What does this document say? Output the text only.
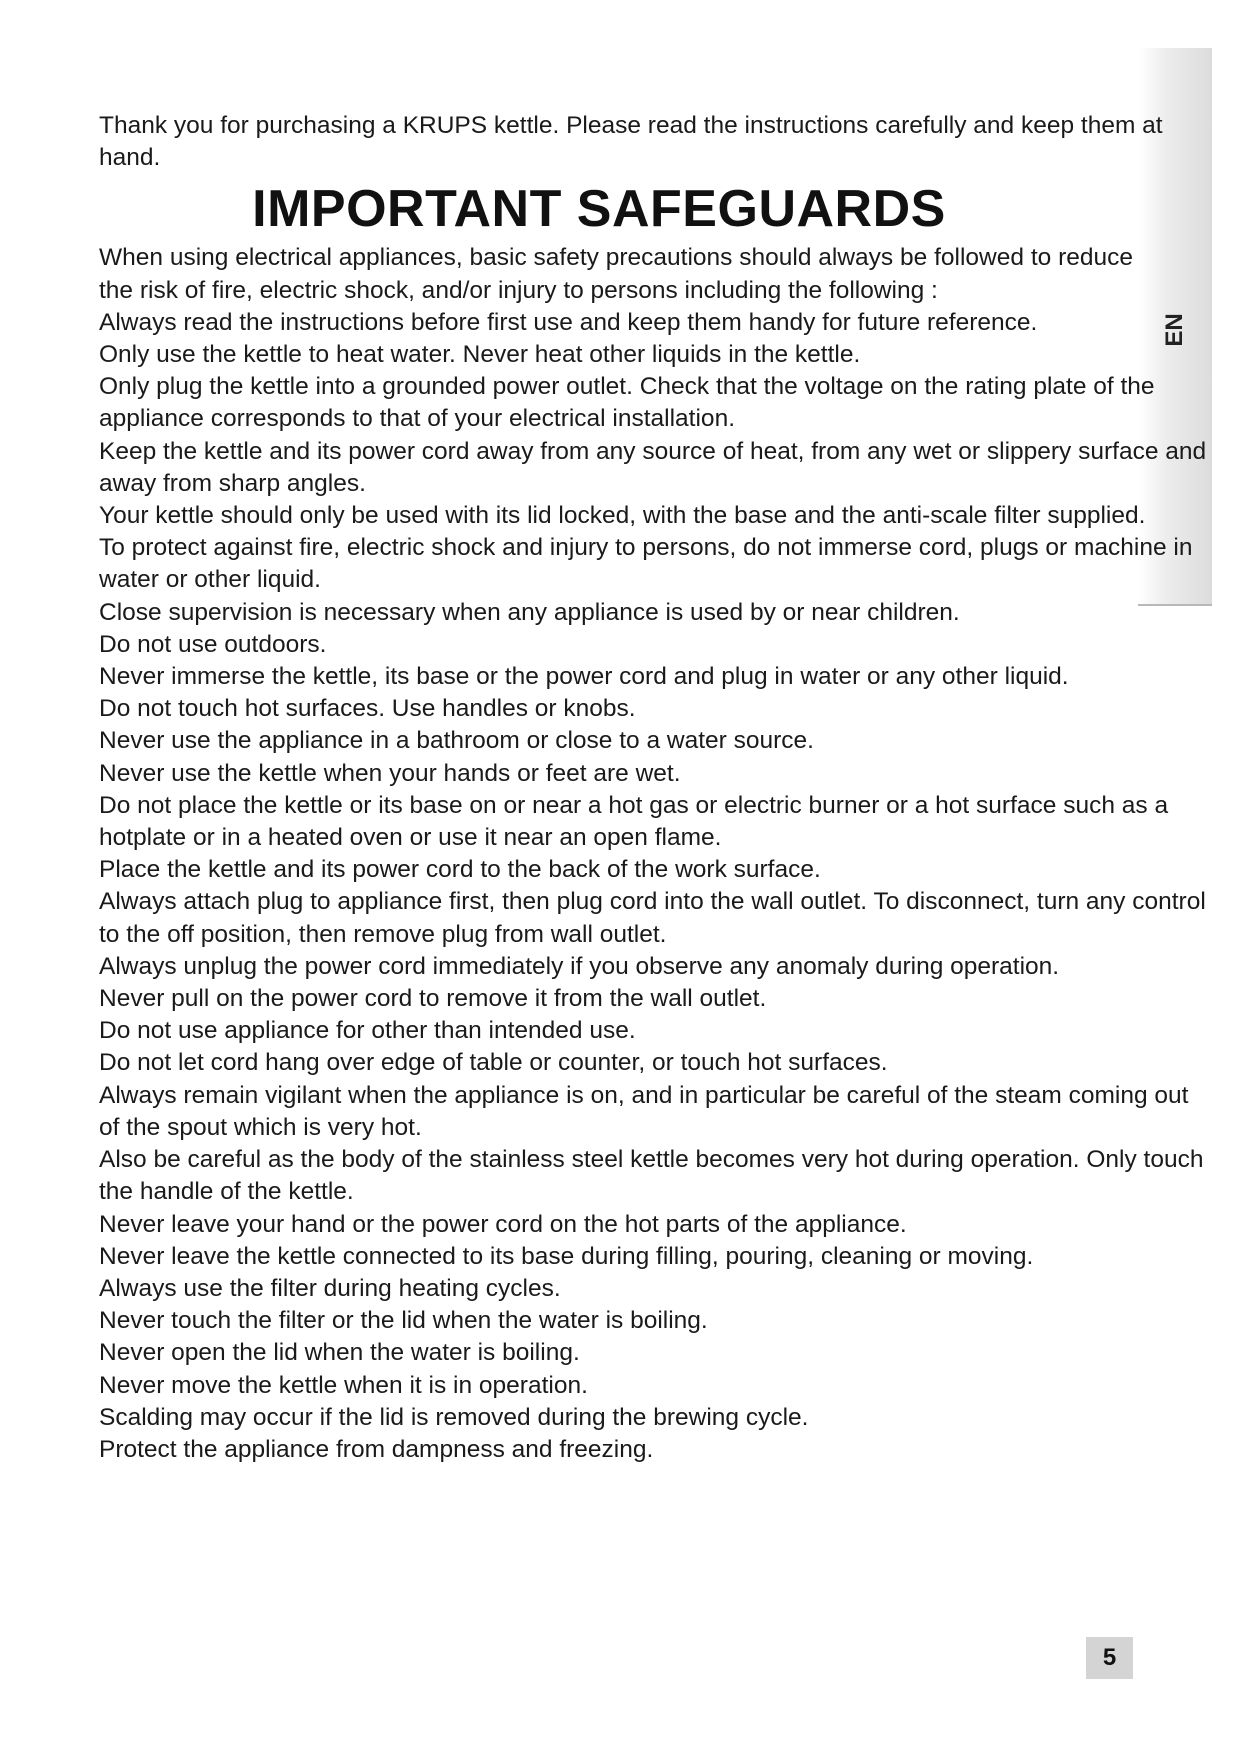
EN

Thank you for purchasing a KRUPS kettle. Please read the instructions carefully and keep them at hand.

IMPORTANT SAFEGUARDS

When using electrical appliances, basic safety precautions should always be followed to reduce the risk of fire, electric shock, and/or injury to persons including the following :

Always read the instructions before first use and keep them handy for future reference.
Only use the kettle to heat water. Never heat other liquids in the kettle.
Only plug the kettle into a grounded power outlet. Check that the voltage on the rating plate of the appliance corresponds to that of your electrical installation.
Keep the kettle and its power cord away from any source of heat, from any wet or slippery surface and away from sharp angles.
Your kettle should only be used with its lid locked, with the base and the anti-scale filter supplied.
To protect against fire, electric shock and injury to persons, do not immerse cord, plugs or machine in water or other liquid.
Close supervision is necessary when any appliance is used by or near children.
Do not use outdoors.
Never immerse the kettle, its base or the power cord and plug in water or any other liquid.
Do not touch hot surfaces. Use handles or knobs.
Never use the appliance in a bathroom or close to a water source.
Never use the kettle when your hands or feet are wet.
Do not place the kettle or its base on or near a hot gas or electric burner or a hot surface such as a hotplate or in a heated oven or use it near an open flame.
Place the kettle and its power cord to the back of the work surface.
Always attach plug to appliance first, then plug cord into the wall outlet. To disconnect, turn any control to the off position, then remove plug from wall outlet.
Always unplug the power cord immediately if you observe any anomaly during operation.
Never pull on the power cord to remove it from the wall outlet.
Do not use appliance for other than intended use.
Do not let cord hang over edge of table or counter, or touch hot surfaces.
Always remain vigilant when the appliance is on, and in particular be careful of the steam coming out of the spout which is very hot.
Also be careful as the body of the stainless steel kettle becomes very hot during operation. Only touch the handle of the kettle.
Never leave your hand or the power cord on the hot parts of the appliance.
Never leave the kettle connected to its base during filling, pouring, cleaning or moving.
Always use the filter during heating cycles.
Never touch the filter or the lid when the water is boiling.
Never open the lid when the water is boiling.
Never move the kettle when it is in operation.
Scalding may occur if the lid is removed during the brewing cycle.
Protect the appliance from dampness and freezing.
5
